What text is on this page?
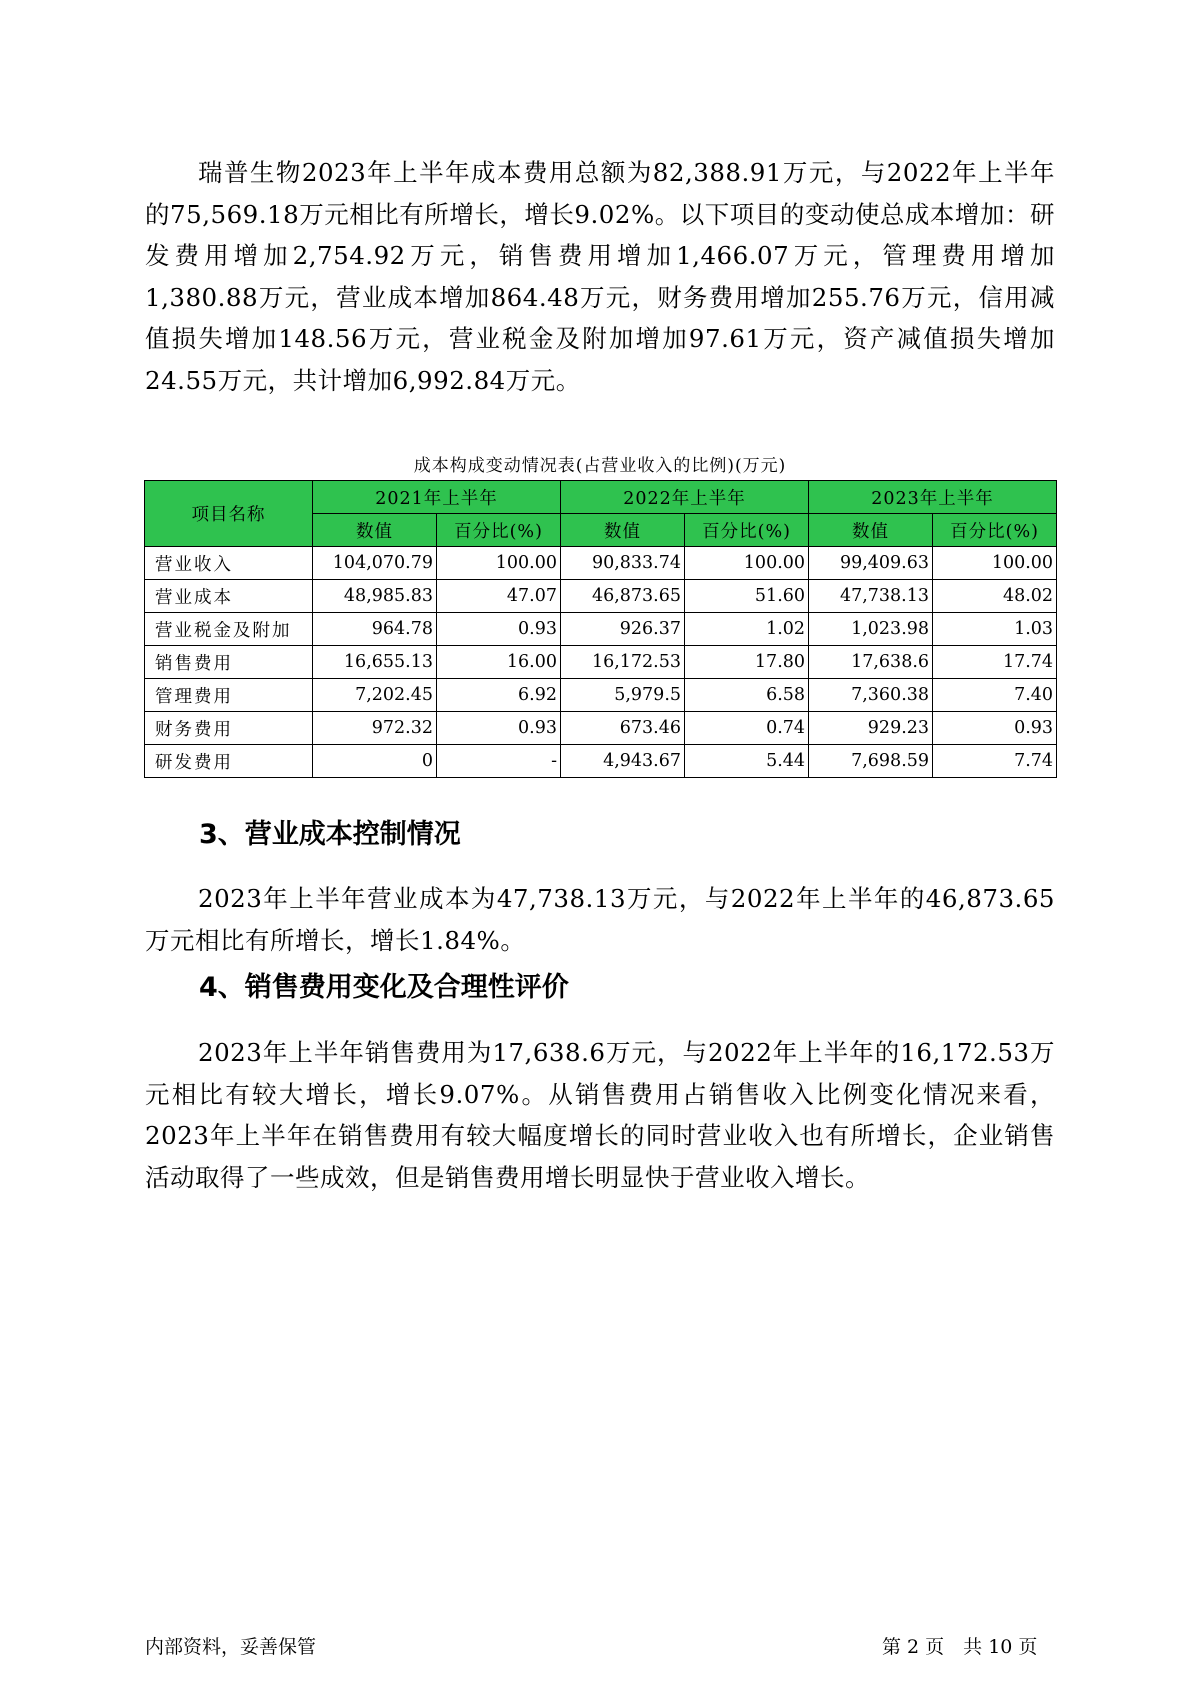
瑞普生物2023年上半年成本费用总额为82,388.91万元，与2022年上半年的75,569.18万元相比有所增长，增长9.02%。以下项目的变动使总成本增加：研发费用增加2,754.92万元，销售费用增加1,466.07万元，管理费用增加1,380.88万元，营业成本增加864.48万元，财务费用增加255.76万元，信用减值损失增加148.56万元，营业税金及附加增加97.61万元，资产减值损失增加24.55万元，共计增加6,992.84万元。

成本构成变动情况表(占营业收入的比例)(万元)
项目名称	2021年上半年		2022年上半年		2023年上半年	
	数值	百分比(%)	数值	百分比(%)	数值	百分比(%)
营业收入	104,070.79	100.00	90,833.74	100.00	99,409.63	100.00
营业成本	48,985.83	47.07	46,873.65	51.60	47,738.13	48.02
营业税金及附加	964.78	0.93	926.37	1.02	1,023.98	1.03
销售费用	16,655.13	16.00	16,172.53	17.80	17,638.6	17.74
管理费用	7,202.45	6.92	5,979.5	6.58	7,360.38	7.40
财务费用	972.32	0.93	673.46	0.74	929.23	0.93
研发费用	0	-	4,943.67	5.44	7,698.59	7.74
3、营业成本控制情况

2023年上半年营业成本为47,738.13万元，与2022年上半年的46,873.65万元相比有所增长，增长1.84%。

4、销售费用变化及合理性评价

2023年上半年销售费用为17,638.6万元，与2022年上半年的16,172.53万元相比有较大增长，增长9.07%。从销售费用占销售收入比例变化情况来看，2023年上半年在销售费用有较大幅度增长的同时营业收入也有所增长，企业销售活动取得了一些成效，但是销售费用增长明显快于营业收入增长。

内部资料，妥善保管	第 2 页　共 10 页
